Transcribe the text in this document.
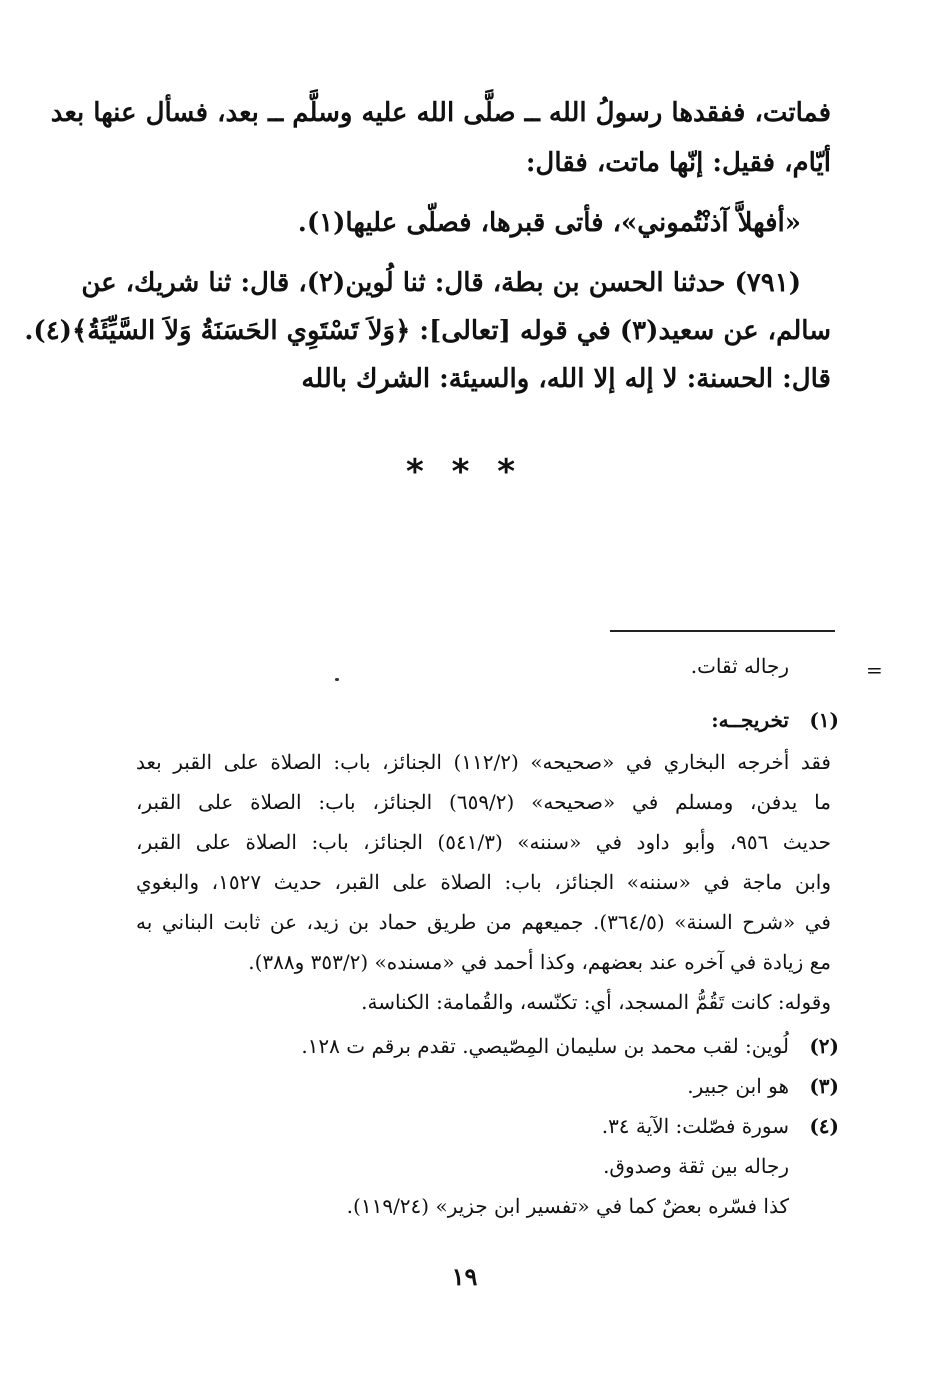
فماتت، ففقدها رسولُ الله ــ صلَّى الله عليه وسلَّم ــ بعد، فسأل عنها بعد
أيّام، فقيل: إنّها ماتت، فقال:
«أفهلاَّ آذنْتُموني»، فأتى قبرها، فصلّى عليها(١).
(٧٩١) حدثنا الحسن بن بطة، قال: ثنا لُوين(٢)، قال: ثنا شريك، عن
سالم، عن سعيد(٣) في قوله [تعالى]: ﴿وَلاَ تَسْتَوِي الحَسَنَةُ وَلاَ السَّيِّئَةُ﴾(٤).
قال: الحسنة: لا إله إلا الله، والسيئة: الشرك بالله
* * *
=
رجاله ثقات.
(١)
تخريجــه:
فقد أخرجه البخاري في «صحيحه» (١١٢/٢) الجنائز، باب: الصلاة على القبر بعد
ما يدفن، ومسلم في «صحيحه» (٦٥٩/٢) الجنائز، باب: الصلاة على القبر،
حديث ٩٥٦، وأبو داود في «سننه» (٥٤١/٣) الجنائز، باب: الصلاة على القبر،
وابن ماجة في «سننه» الجنائز، باب: الصلاة على القبر، حديث ١٥٢٧، والبغوي
في «شرح السنة» (٣٦٤/٥). جميعهم من طريق حماد بن زيد، عن ثابت البناني به
مع زيادة في آخره عند بعضهم، وكذا أحمد في «مسنده» (٣٥٣/٢ و٣٨٨).
وقوله: كانت تَقُمُّ المسجد، أي: تكنّسه، والقُمامة: الكناسة.
(٢)
لُوين: لقب محمد بن سليمان المِصّيصي. تقدم برقم ت ١٢٨.
(٣)
هو ابن جبير.
(٤)
سورة فصّلت: الآية ٣٤.
رجاله بين ثقة وصدوق.
كذا فسّره بعضٌ كما في «تفسير ابن جزير» (١١٩/٢٤).
١٩
